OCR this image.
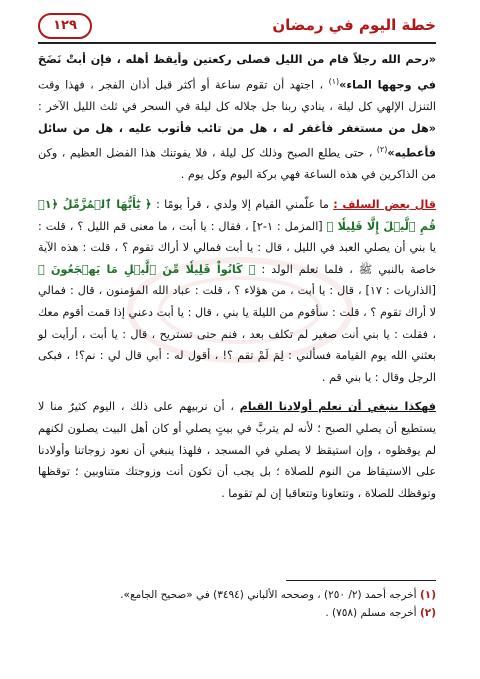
خطة اليوم في رمضان
١٢٩

«رحم الله رجلاً قام من الليل فصلى ركعتين وأيقظ أهله ، فإن أبتْ نَضَحَ في وجهها الماء»$^{(١)}$ ، اجتهد أن تقوم ساعة أو أكثر قبل أذان الفجر ، فهذا وقت التنزل الإلهي كل ليلة ، ينادي ربنا جل جلاله كل ليلة في السحر في ثلث الليل الآخر : «هل من مستغفر فأغفر له ، هل من تائب فأتوب عليه ، هل من سائل فأعطيه»$^{(٢)}$ ، حتى يطلع الصبح وذلك كل ليلة ، فلا يفوتنك هذا الفضل العظيم ، وكن من الذاكرين في هذه الساعة فهي بركة اليوم وكل يوم .

قال بعض السلف : ما علّمني القيام إلا ولدي ، قرأ يومًا : ﴿ يَٰٓأَيُّهَا ٱلۡمُزَّمِّلُ ﴿١﴾ قُمِ ٱلَّيۡلَ إِلَّا قَلِيلٗا ﴾ [المزمل : ١-٢] ، فقال : يا أبت ، ما معنى قم الليل ؟ ، قلت : يا بني أن يصلي العبد في الليل ، قال : يا أبت فمالي لا أراك تقوم ؟ ، قلت : هذه الآية خاصة بالنبي ﷺ ، فلما تعلم الولد : ﴿ كَانُواْ قَلِيلٗا مِّنَ ٱلَّيۡلِ مَا يَهۡجَعُونَ ﴾ [الذاريات : ١٧] ، قال : يا أبت ، من هؤلاء ؟ ، قلت : عباد الله المؤمنون ، قال : فمالي لا أراك تقوم ؟ ، قلت : سأقوم من الليلة يا بني ، قال : يا أبت دعني إذا قمت أقوم معك ، فقلت : يا بني أنت صغير لم تكلف بعد ، فنم حتى تستريح ، قال : يا أبت ، أرأيت لو بعثني الله يوم القيامة فسألني : لِمَ لَمْ تقم ؟! ، أقول له : أبي قال لي : نم؟! ، فبكى الرجل وقال : يا بني قم .

فهكذا ينبغي أن نعلم أولادنا القيام ، أن نربيهم على ذلك ، اليوم كثيرٌ منا لا يستطيع أن يصلي الصبح ؛ لأنه لم يتربَّ في بيتٍ يصلي أو كان أهل البيت يصلون لكنهم لم يوقظوه ، وإن استيقظ لا يصلي في المسجد ، فلهذا ينبغي أن نعود زوجاتنا وأولادنا على الاستيقاظ من النوم للصلاة ؛ بل يجب أن تكون أنت وزوجتك متناوبين ؛ توقظها وتوقظك للصلاة ، وتتعاونا وتتعاقبا إن لم تقوما .

(١) أخرجه أحمد (٢/ ٢٥٠) ، وصححه الألباني (٣٤٩٤) في «صحيح الجامع».
(٢) أخرجه مسلم (٧٥٨) .
